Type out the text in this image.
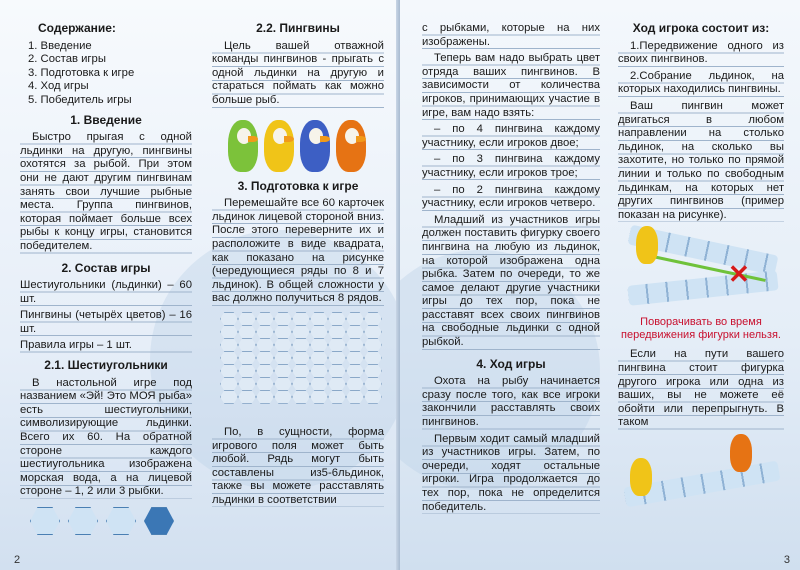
Содержание:
1. Введение
2. Состав игры
3. Подготовка к игре
4. Ход игры
5. Победитель игры
1. Введение

Быстро прыгая с одной льдинки на другую, пингвины охотятся за рыбой. При этом они не дают другим пингвинам занять свои лучшие рыбные места. Группа пингвинов, которая поймает больше всех рыбы к концу игры, становится победителем.

2. Состав игры

Шестиугольники (льдинки) – 60 шт.

Пингвины (четырёх цветов) – 16 шт.

Правила игры – 1 шт.

2.1. Шестиугольники

В настольной игре под названием «Эй! Это МОЯ рыба» есть шестиугольники, символизирующие льдинки. Всего их 60. На обратной стороне каждого шестиугольника изображена морская вода, а на лицевой стороне – 1, 2 или 3 рыбки.

2.2. Пингвины

Цель вашей отважной команды пингвинов - прыгать с одной льдинки на другую и стараться поймать как можно больше рыб.

3. Подготовка к игре

Перемешайте все 60 карточек льдинок лицевой стороной вниз. После этого переверните их и расположите в виде квадрата, как показано на рисунке (чередующиеся ряды по 8 и 7 льдинок). В общей сложности у вас должно получиться 8 рядов.

По, в сущности, форма игрового поля может быть любой. Рядь могут быть составлены из5-6льдинок, также вы можете расставлять льдинки в соответствии

2

с рыбками, которые на них изображены.

Теперь вам надо выбрать цвет отряда ваших пингвинов. В зависимости от количества игроков, принимающих участие в игре, вам надо взять:

– по 4 пингвина каждому участнику, если игроков двое;

– по 3 пингвина каждому участнику, если игроков трое;

– по 2 пингвина каждому участнику, если игроков четверо.

Младший из участников игры должен поставить фигурку своего пингвина на любую из льдинок, на которой изображена одна рыбка. Затем по очереди, то же самое делают другие участники игры до тех пор, пока не расставят всех своих пингвинов на свободные льдинки с одной рыбкой.

4. Ход игры

Охота на рыбу начинается сразу после того, как все игроки закончили расставлять своих пингвинов.

Первым ходит самый младший из участников игры. Затем, по очереди, ходят остальные игроки. Игра продолжается до тех пор, пока не определится победитель.

Ход игрока состоит из:

1.Передвижение одного из своих пингвинов.

2.Собрание льдинок, на которых находились пингвины.

Ваш пингвин может двигаться в любом направлении на столько льдинок, на сколько вы захотите, но только по прямой линии и только по свободным льдинкам, на которых нет других пингвинов (пример показан на рисунке).

✕
Поворачивать во время передвижения фигурки нельзя.

Если на пути вашего пингвина стоит фигурка другого игрока или одна из вашиx, вы не можете её обойти или перепрыгнуть. В таком

3
